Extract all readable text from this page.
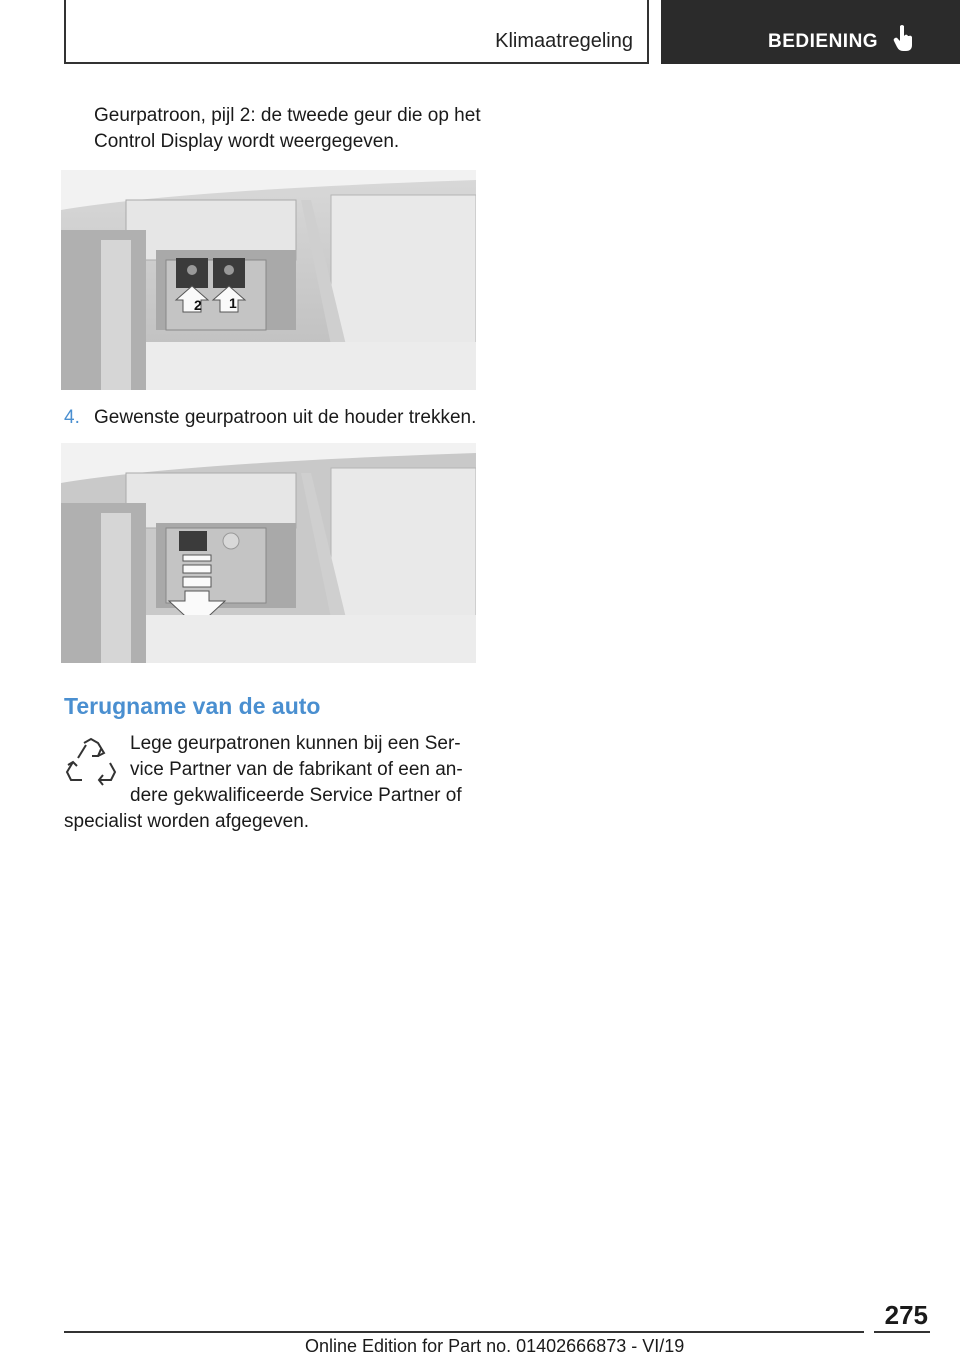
Klimaatregeling	BEDIENING
Geurpatroon, pijl 2: de tweede geur die op het Control Display wordt weergegeven.
2 1
4. Gewenste geurpatroon uit de houder trekken.
Terugname van de auto
Lege geurpatronen kunnen bij een Ser-
vice Partner van de fabrikant of een an-
dere gekwalificeerde Service Partner of
specialist worden afgegeven.
275
Online Edition for Part no. 01402666873 - VI/19
